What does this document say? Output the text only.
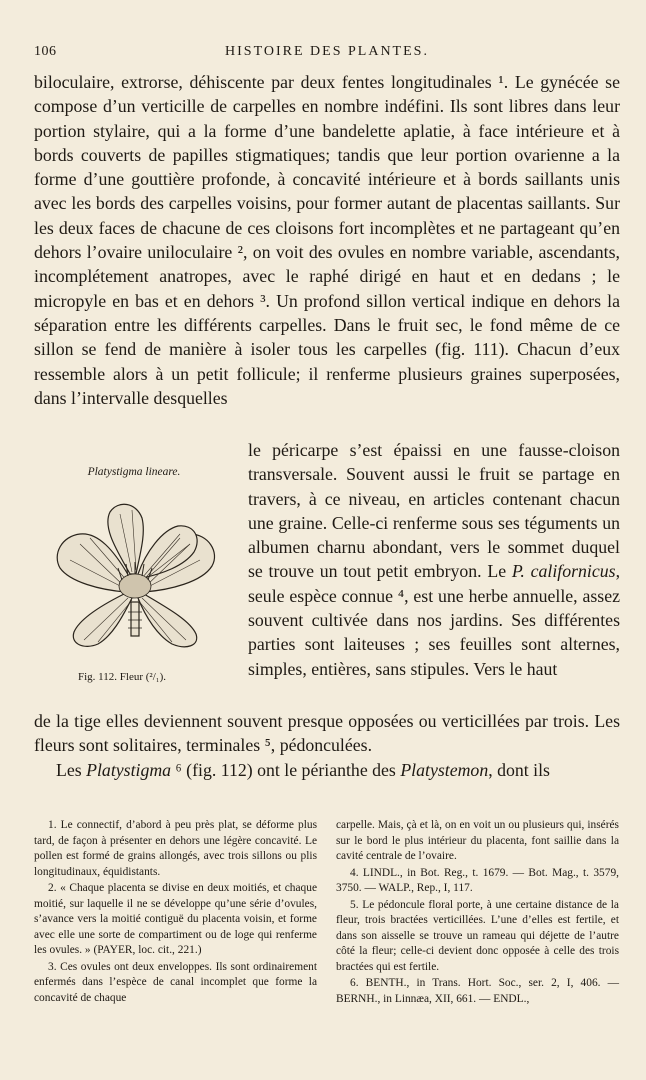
106	HISTOIRE DES PLANTES.

biloculaire, extrorse, déhiscente par deux fentes longitudinales ¹. Le gynécée se compose d’un verticille de carpelles en nombre indéfini. Ils sont libres dans leur portion stylaire, qui a la forme d’une bandelette aplatie, à face intérieure et à bords couverts de papilles stigmatiques; tandis que leur portion ovarienne a la forme d’une gouttière profonde, à concavité intérieure et à bords saillants unis avec les bords des carpelles voisins, pour former autant de placentas saillants. Sur les deux faces de chacune de ces cloisons fort incomplètes et ne partageant qu’en dehors l’ovaire uniloculaire ², on voit des ovules en nombre variable, ascendants, incomplétement anatropes, avec le raphé dirigé en haut et en dedans ; le micropyle en bas et en dehors ³. Un profond sillon vertical indique en dehors la séparation entre les différents carpelles. Dans le fruit sec, le fond même de ce sillon se fend de manière à isoler tous les carpelles (fig. 111). Chacun d’eux ressemble alors à un petit follicule; il renferme plusieurs graines superposées, dans l’intervalle desquelles

Platystigma lineare.
Fig. 112. Fleur (²/₁).

le péricarpe s’est épaissi en une fausse-cloison transversale. Souvent aussi le fruit se partage en travers, à ce niveau, en articles contenant chacun une graine. Celle-ci renferme sous ses téguments un albumen charnu abondant, vers le sommet duquel se trouve un tout petit embryon. Le P. californicus, seule espèce connue ⁴, est une herbe annuelle, assez souvent cultivée dans nos jardins. Ses différentes parties sont laiteuses ; ses feuilles sont alternes, simples, entières, sans stipules. Vers le haut

de la tige elles deviennent souvent presque opposées ou verticillées par trois. Les fleurs sont solitaires, terminales ⁵, pédonculées.

Les Platystigma ⁶ (fig. 112) ont le périanthe des Platystemon, dont ils

1. Le connectif, d’abord à peu près plat, se déforme plus tard, de façon à présenter en dehors une légère concavité. Le pollen est formé de grains allongés, avec trois sillons ou plis longitudinaux, équidistants.

2. « Chaque placenta se divise en deux moitiés, et chaque moitié, sur laquelle il ne se développe qu’une série d’ovules, s’avance vers la moitié contiguë du placenta voisin, et forme avec elle une sorte de compartiment ou de loge qui renferme les ovules. » (PAYER, loc. cit., 221.)

3. Ces ovules ont deux enveloppes. Ils sont ordinairement enfermés dans l’espèce de canal incomplet que forme la concavité de chaque

carpelle. Mais, çà et là, on en voit un ou plusieurs qui, insérés sur le bord le plus intérieur du placenta, font saillie dans la cavité centrale de l’ovaire.

4. LINDL., in Bot. Reg., t. 1679. — Bot. Mag., t. 3579, 3750. — WALP., Rep., I, 117.

5. Le pédoncule floral porte, à une certaine distance de la fleur, trois bractées verticillées. L’une d’elles est fertile, et dans son aisselle se trouve un rameau qui déjette de l’autre côté la fleur; celle-ci devient donc opposée à celle des trois bractées qui est fertile.

6. BENTH., in Trans. Hort. Soc., ser. 2, I, 406. — BERNH., in Linnæa, XII, 661. — ENDL.,
